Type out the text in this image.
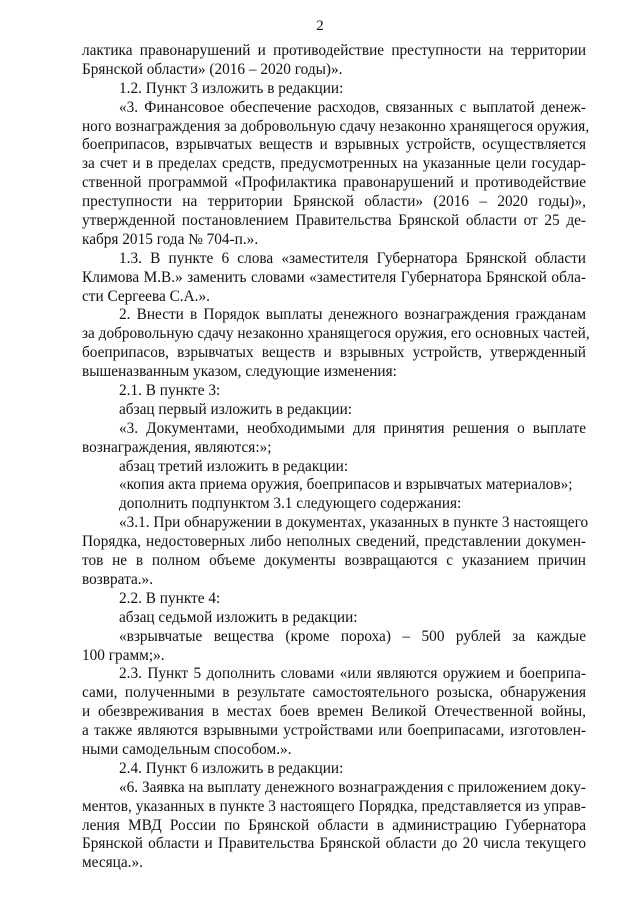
2
лактика правонарушений и противодействие преступности на территории
Брянской области» (2016 – 2020 годы)».
1.2. Пункт 3 изложить в редакции:
«3. Финансовое обеспечение расходов, связанных с выплатой денеж-
ного вознаграждения за добровольную сдачу незаконно хранящегося оружия,
боеприпасов, взрывчатых веществ и взрывных устройств, осуществляется
за счет и в пределах средств, предусмотренных на указанные цели государ-
ственной программой «Профилактика правонарушений и противодействие
преступности на территории Брянской области» (2016 – 2020 годы)»,
утвержденной постановлением Правительства Брянской области от 25 де-
кабря 2015 года № 704-п.».
1.3. В пункте 6 слова «заместителя Губернатора Брянской области
Климова М.В.» заменить словами «заместителя Губернатора Брянской обла-
сти Сергеева С.А.».
2. Внести в Порядок выплаты денежного вознаграждения гражданам
за добровольную сдачу незаконно хранящегося оружия, его основных частей,
боеприпасов, взрывчатых веществ и взрывных устройств, утвержденный
вышеназванным указом, следующие изменения:
2.1. В пункте 3:
абзац первый изложить в редакции:
«3. Документами, необходимыми для принятия решения о выплате
вознаграждения, являются:»;
абзац третий изложить в редакции:
«копия акта приема оружия, боеприпасов и взрывчатых материалов»;
дополнить подпунктом 3.1 следующего содержания:
«3.1. При обнаружении в документах, указанных в пункте 3 настоящего
Порядка, недостоверных либо неполных сведений, представлении докумен-
тов не в полном объеме документы возвращаются с указанием причин
возврата.».
2.2. В пункте 4:
абзац седьмой изложить в редакции:
«взрывчатые вещества (кроме пороха) – 500 рублей за каждые
100 грамм;».
2.3. Пункт 5 дополнить словами «или являются оружием и боеприпа-
сами, полученными в результате самостоятельного розыска, обнаружения
и обезвреживания в местах боев времен Великой Отечественной войны,
а также являются взрывными устройствами или боеприпасами, изготовлен-
ными самодельным способом.».
2.4. Пункт 6 изложить в редакции:
«6. Заявка на выплату денежного вознаграждения с приложением доку-
ментов, указанных в пункте 3 настоящего Порядка, представляется из управ-
ления МВД России по Брянской области в администрацию Губернатора
Брянской области и Правительства Брянской области до 20 числа текущего
месяца.».
